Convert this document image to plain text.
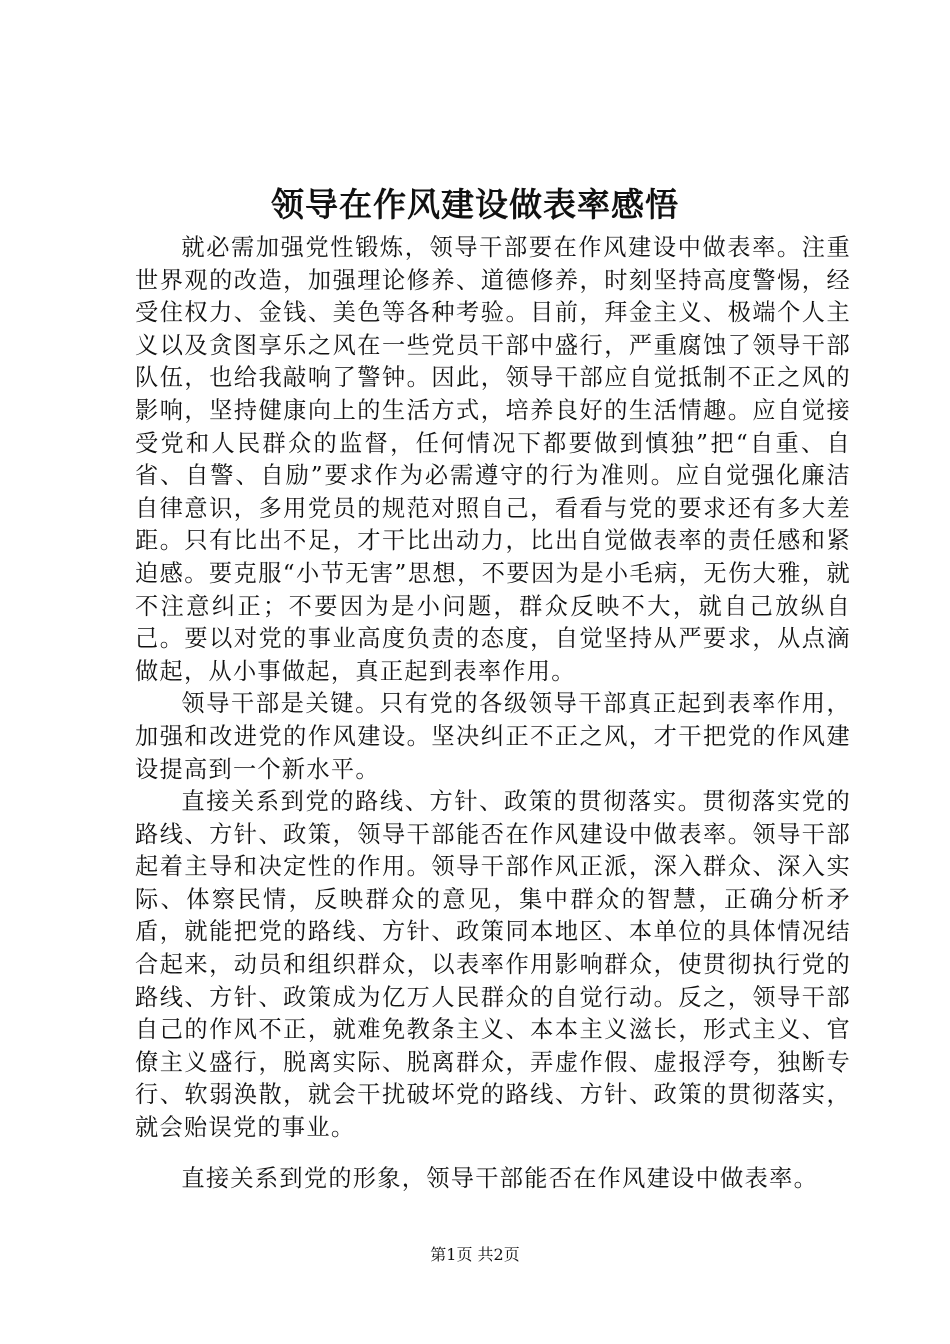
领导在作风建设做表率感悟

就必需加强党性锻炼，领导干部要在作风建设中做表率。注重世界观的改造，加强理论修养、道德修养，时刻坚持高度警惕，经受住权力、金钱、美色等各种考验。目前，拜金主义、极端个人主义以及贪图享乐之风在一些党员干部中盛行，严重腐蚀了领导干部队伍，也给我敲响了警钟。因此，领导干部应自觉抵制不正之风的影响，坚持健康向上的生活方式，培养良好的生活情趣。应自觉接受党和人民群众的监督，任何情况下都要做到慎独”把“自重、自省、自警、自励”要求作为必需遵守的行为准则。应自觉强化廉洁自律意识，多用党员的规范对照自己，看看与党的要求还有多大差距。只有比出不足，才干比出动力，比出自觉做表率的责任感和紧迫感。要克服“小节无害”思想，不要因为是小毛病，无伤大雅，就不注意纠正；不要因为是小问题，群众反映不大，就自己放纵自己。要以对党的事业高度负责的态度，自觉坚持从严要求，从点滴做起，从小事做起，真正起到表率作用。

领导干部是关键。只有党的各级领导干部真正起到表率作用，加强和改进党的作风建设。坚决纠正不正之风，才干把党的作风建设提高到一个新水平。

直接关系到党的路线、方针、政策的贯彻落实。贯彻落实党的路线、方针、政策，领导干部能否在作风建设中做表率。领导干部起着主导和决定性的作用。领导干部作风正派，深入群众、深入实际、体察民情，反映群众的意见，集中群众的智慧，正确分析矛盾，就能把党的路线、方针、政策同本地区、本单位的具体情况结合起来，动员和组织群众，以表率作用影响群众，使贯彻执行党的路线、方针、政策成为亿万人民群众的自觉行动。反之，领导干部自己的作风不正，就难免教条主义、本本主义滋长，形式主义、官僚主义盛行，脱离实际、脱离群众，弄虚作假、虚报浮夸，独断专行、软弱涣散，就会干扰破坏党的路线、方针、政策的贯彻落实，就会贻误党的事业。

直接关系到党的形象，领导干部能否在作风建设中做表率。

第1页 共2页
